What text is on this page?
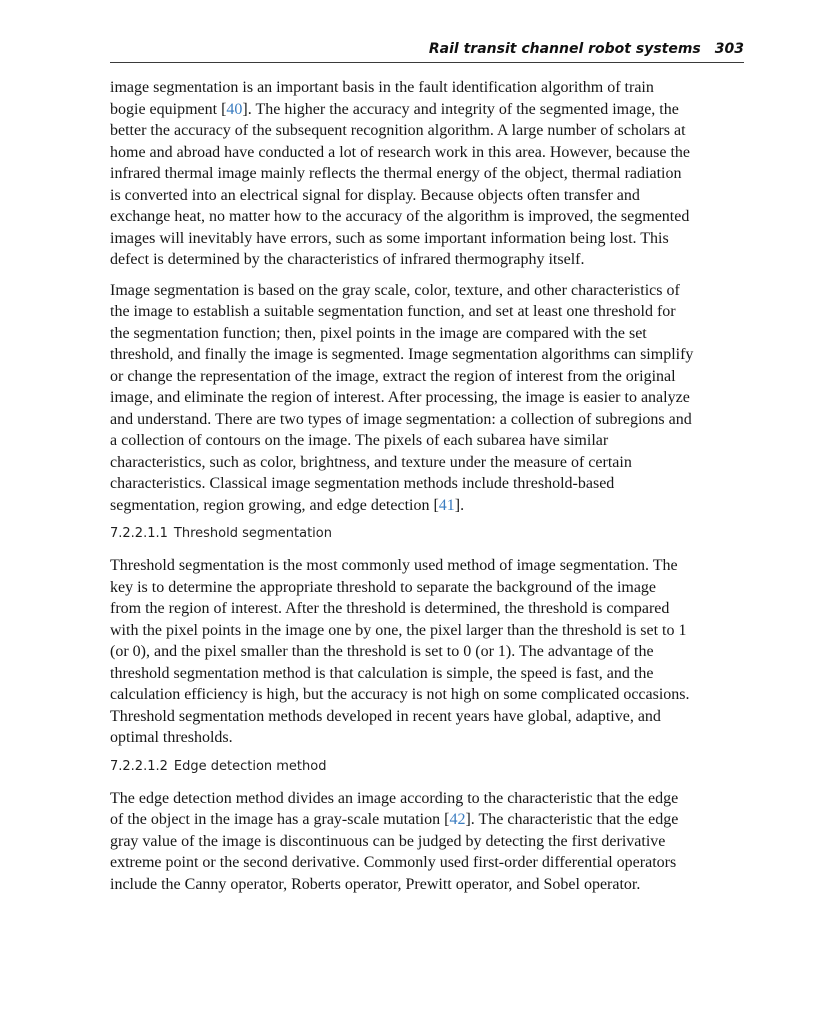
Rail transit channel robot systems 303

image segmentation is an important basis in the fault identification algorithm of train
bogie equipment [40]. The higher the accuracy and integrity of the segmented image, the
better the accuracy of the subsequent recognition algorithm. A large number of scholars at
home and abroad have conducted a lot of research work in this area. However, because the
infrared thermal image mainly reflects the thermal energy of the object, thermal radiation
is converted into an electrical signal for display. Because objects often transfer and
exchange heat, no matter how to the accuracy of the algorithm is improved, the segmented
images will inevitably have errors, such as some important information being lost. This
defect is determined by the characteristics of infrared thermography itself.

Image segmentation is based on the gray scale, color, texture, and other characteristics of
the image to establish a suitable segmentation function, and set at least one threshold for
the segmentation function; then, pixel points in the image are compared with the set
threshold, and finally the image is segmented. Image segmentation algorithms can simplify
or change the representation of the image, extract the region of interest from the original
image, and eliminate the region of interest. After processing, the image is easier to analyze
and understand. There are two types of image segmentation: a collection of subregions and
a collection of contours on the image. The pixels of each subarea have similar
characteristics, such as color, brightness, and texture under the measure of certain
characteristics. Classical image segmentation methods include threshold-based
segmentation, region growing, and edge detection [41].

7.2.2.1.1 Threshold segmentation

Threshold segmentation is the most commonly used method of image segmentation. The
key is to determine the appropriate threshold to separate the background of the image
from the region of interest. After the threshold is determined, the threshold is compared
with the pixel points in the image one by one, the pixel larger than the threshold is set to 1
(or 0), and the pixel smaller than the threshold is set to 0 (or 1). The advantage of the
threshold segmentation method is that calculation is simple, the speed is fast, and the
calculation efficiency is high, but the accuracy is not high on some complicated occasions.
Threshold segmentation methods developed in recent years have global, adaptive, and
optimal thresholds.

7.2.2.1.2 Edge detection method

The edge detection method divides an image according to the characteristic that the edge
of the object in the image has a gray-scale mutation [42]. The characteristic that the edge
gray value of the image is discontinuous can be judged by detecting the first derivative
extreme point or the second derivative. Commonly used first-order differential operators
include the Canny operator, Roberts operator, Prewitt operator, and Sobel operator.
